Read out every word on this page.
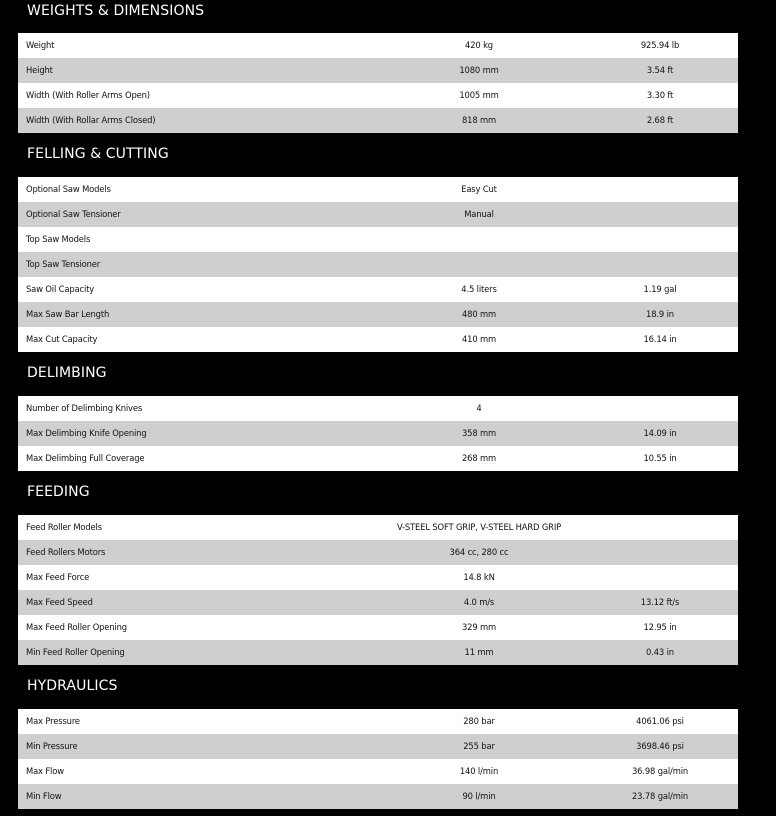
WEIGHTS & DIMENSIONS
Weight	420 kg	925.94 lb
Height	1080 mm	3.54 ft
Width (With Roller Arms Open)	1005 mm	3.30 ft
Width (With Rollar Arms Closed)	818 mm	2.68 ft
FELLING & CUTTING
Optional Saw Models	Easy Cut
Optional Saw Tensioner	Manual
Top Saw Models
Top Saw Tensioner
Saw Oil Capacity	4.5 liters	1.19 gal
Max Saw Bar Length	480 mm	18.9 in
Max Cut Capacity	410 mm	16.14 in
DELIMBING
Number of Delimbing Knives	4
Max Delimbing Knife Opening	358 mm	14.09 in
Max Delimbing Full Coverage	268 mm	10.55 in
FEEDING
Feed Roller Models	V-STEEL SOFT GRIP, V-STEEL HARD GRIP
Feed Rollers Motors	364 cc, 280 cc
Max Feed Force	14.8 kN
Max Feed Speed	4.0 m/s	13.12 ft/s
Max Feed Roller Opening	329 mm	12.95 in
Min Feed Roller Opening	11 mm	0.43 in
HYDRAULICS
Max Pressure	280 bar	4061.06 psi
Min Pressure	255 bar	3698.46 psi
Max Flow	140 l/min	36.98 gal/min
Min Flow	90 l/min	23.78 gal/min
